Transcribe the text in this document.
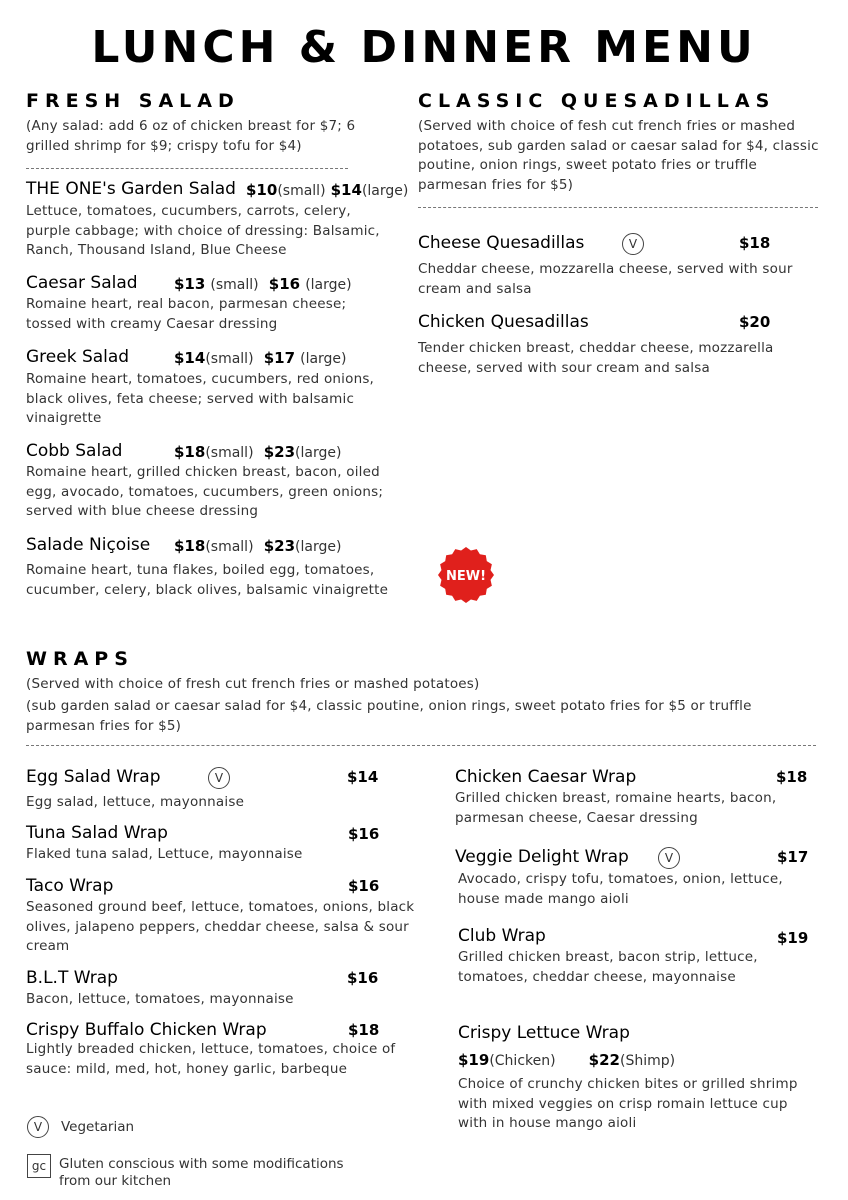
LUNCH & DINNER MENU
FRESH SALAD
(Any salad: add 6 oz of chicken breast for $7; 6 grilled shrimp for $9; crispy tofu for $4)
THE ONE's Garden Salad $10(small) $14(large)
Lettuce, tomatoes, cucumbers, carrots, celery, purple cabbage; with choice of dressing: Balsamic, Ranch, Thousand Island, Blue Cheese
Caesar Salad $13 (small) $16 (large)
Romaine heart, real bacon, parmesan cheese; tossed with creamy Caesar dressing
Greek Salad	$14(small) $17 (large)
Romaine heart, tomatoes, cucumbers, red onions, black olives, feta cheese; served with balsamic vinaigrette
Cobb Salad	$18(small) $23(large)
Romaine heart, grilled chicken breast, bacon, oiled egg, avocado, tomatoes, cucumbers, green onions; served with blue cheese dressing
Salade Niçoise $18(small) $23(large)
Romaine heart, tuna flakes, boiled egg, tomatoes, cucumber, celery, black olives, balsamic vinaigrette
NEW!
CLASSIC QUESADILLAS
(Served with choice of fesh cut french fries or mashed potatoes, sub garden salad or caesar salad for $4, classic poutine, onion rings, sweet potato fries or truffle parmesan fries for $5)
Cheese Quesadillas	V	$18
Cheddar cheese, mozzarella cheese, served with sour cream and salsa
Chicken Quesadillas	$20
Tender chicken breast, cheddar cheese, mozzarella cheese, served with sour cream and salsa
WRAPS
(Served with choice of fresh cut french fries or mashed potatoes)
(sub garden salad or caesar salad for $4, classic poutine, onion rings, sweet potato fries for $5 or truffle parmesan fries for $5)
Egg Salad Wrap	V	$14
Egg salad, lettuce, mayonnaise
Tuna Salad Wrap	$16
Flaked tuna salad, Lettuce, mayonnaise
Taco Wrap	$16
Seasoned ground beef, lettuce, tomatoes, onions, black olives, jalapeno peppers, cheddar cheese, salsa & sour cream
B.L.T Wrap	$16
Bacon, lettuce, tomatoes, mayonnaise
Crispy Buffalo Chicken Wrap	$18
Lightly breaded chicken, lettuce, tomatoes, choice of sauce: mild, med, hot, honey garlic, barbeque
Chicken Caesar Wrap	$18
Grilled chicken breast, romaine hearts, bacon, parmesan cheese, Caesar dressing
Veggie Delight Wrap	V	$17
Avocado, crispy tofu, tomatoes, onion, lettuce, house made mango aioli
Club Wrap	$19
Grilled chicken breast, bacon strip, lettuce, tomatoes, cheddar cheese, mayonnaise
Crispy Lettuce Wrap
$19(Chicken) $22(Shimp)
Choice of crunchy chicken bites or grilled shrimp with mixed veggies on crisp romain lettuce cup with in house mango aioli
V	Vegetarian
gc Gluten conscious with some modifications from our kitchen
